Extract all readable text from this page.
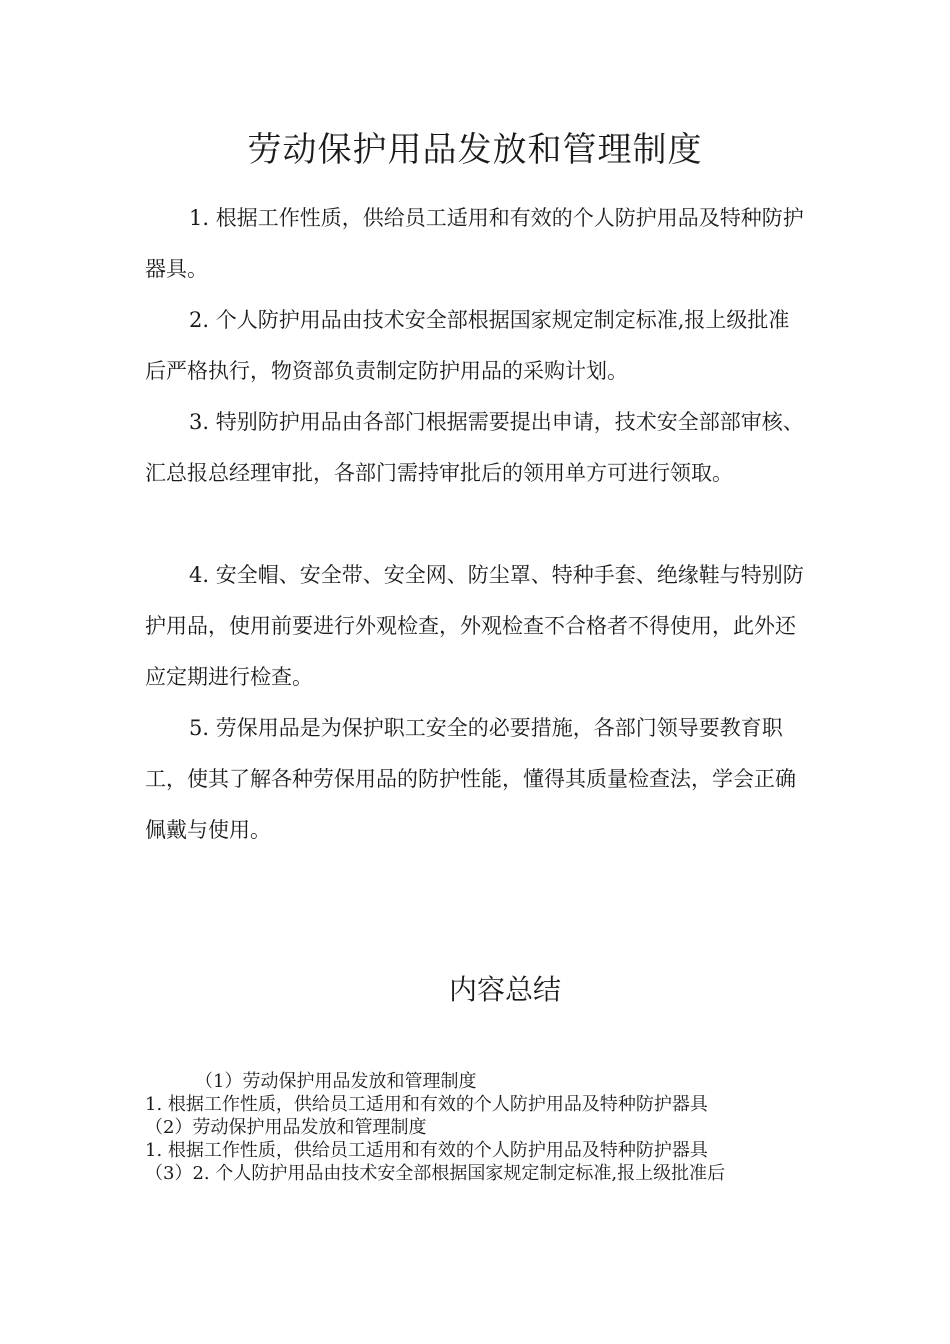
劳动保护用品发放和管理制度

1. 根据工作性质，供给员工适用和有效的个人防护用品及特种防护器具。

2. 个人防护用品由技术安全部根据国家规定制定标准,报上级批准后严格执行，物资部负责制定防护用品的采购计划。

3. 特别防护用品由各部门根据需要提出申请，技术安全部部审核、汇总报总经理审批，各部门需持审批后的领用单方可进行领取。

4. 安全帽、安全带、安全网、防尘罩、特种手套、绝缘鞋与特别防护用品，使用前要进行外观检查，外观检查不合格者不得使用，此外还应定期进行检查。

5. 劳保用品是为保护职工安全的必要措施，各部门领导要教育职工，使其了解各种劳保用品的防护性能，懂得其质量检查法，学会正确佩戴与使用。

内容总结
（1）劳动保护用品发放和管理制度
1. 根据工作性质，供给员工适用和有效的个人防护用品及特种防护器具
（2）劳动保护用品发放和管理制度
1. 根据工作性质，供给员工适用和有效的个人防护用品及特种防护器具
（3）2. 个人防护用品由技术安全部根据国家规定制定标准,报上级批准后
